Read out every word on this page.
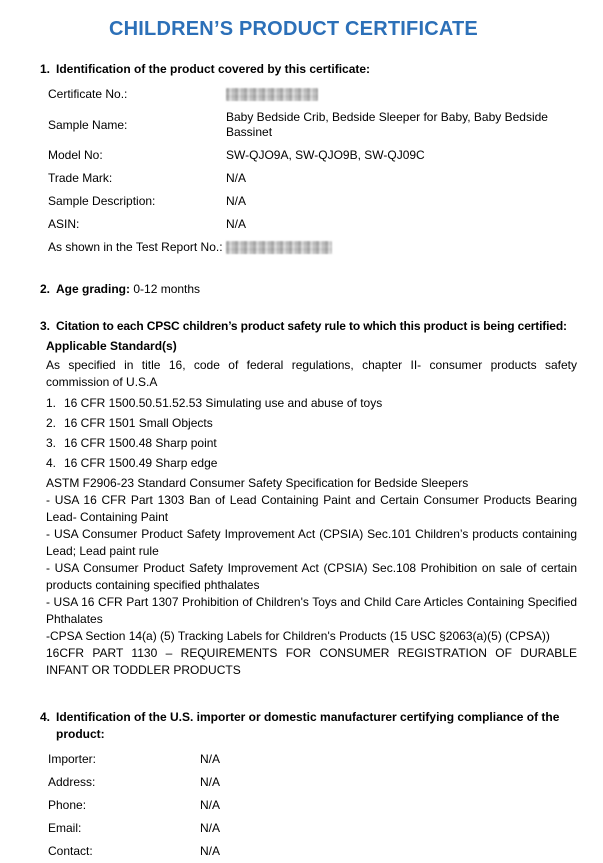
CHILDREN’S PRODUCT CERTIFICATE
1. Identification of the product covered by this certificate:
Certificate No.:
Sample Name:
Baby Bedside Crib, Bedside Sleeper for Baby, Baby Bedside Bassinet
Model No:	SW-QJO9A, SW-QJO9B, SW-QJ09C
Trade Mark:	N/A
Sample Description:	N/A
ASIN:	N/A
As shown in the Test Report No.:
2. Age grading: 0-12 months
3. Citation to each CPSC children’s product safety rule to which this product is being certified:
Applicable Standard(s)

As specified in title 16, code of federal regulations, chapter II- consumer products safety commission of U.S.A

1. 16 CFR 1500.50.51.52.53 Simulating use and abuse of toys
2. 16 CFR 1501 Small Objects
3. 16 CFR 1500.48 Sharp point
4. 16 CFR 1500.49 Sharp edge

ASTM F2906-23 Standard Consumer Safety Specification for Bedside Sleepers

- USA 16 CFR Part 1303 Ban of Lead Containing Paint and Certain Consumer Products Bearing Lead- Containing Paint

- USA Consumer Product Safety Improvement Act (CPSIA) Sec.101 Children’s products containing Lead; Lead paint rule

- USA Consumer Product Safety Improvement Act (CPSIA) Sec.108 Prohibition on sale of certain products containing specified phthalates

- USA 16 CFR Part 1307 Prohibition of Children's Toys and Child Care Articles Containing Specified Phthalates

-CPSA Section 14(a) (5) Tracking Labels for Children's Products (15 USC §2063(a)(5) (CPSA))

16CFR PART 1130 – REQUIREMENTS FOR CONSUMER REGISTRATION OF DURABLE INFANT OR TODDLER PRODUCTS

4. Identification of the U.S. importer or domestic manufacturer certifying compliance of the product:
Importer:	N/A
Address:	N/A
Phone:	N/A
Email:	N/A
Contact:	N/A
